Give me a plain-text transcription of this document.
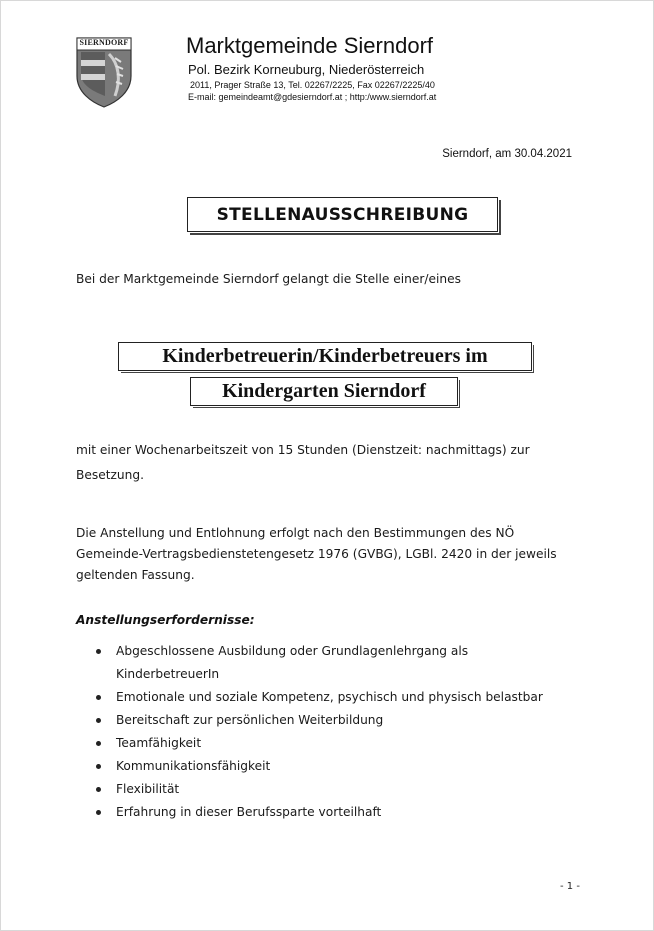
SIERNDORF	Marktgemeinde Sierndorf
Pol. Bezirk Korneuburg, Niederösterreich
2011, Prager Straße 13, Tel. 02267/2225, Fax 02267/2225/40
E-mail: gemeindeamt@gdesierndorf.at ; http:/www.sierndorf.at
Sierndorf, am 30.04.2021
STELLENAUSSCHREIBUNG
Bei der Marktgemeinde Sierndorf gelangt die Stelle einer/eines
Kinderbetreuerin/Kinderbetreuers im
Kindergarten Sierndorf
mit einer Wochenarbeitszeit von 15 Stunden (Dienstzeit: nachmittags) zur
Besetzung.
Die Anstellung und Entlohnung erfolgt nach den Bestimmungen des NÖ
Gemeinde-Vertragsbedienstetengesetz 1976 (GVBG), LGBl. 2420 in der jeweils
geltenden Fassung.
Anstellungserfordernisse:
Abgeschlossene Ausbildung oder Grundlagenlehrgang als
KinderbetreuerIn
Emotionale und soziale Kompetenz, psychisch und physisch belastbar
Bereitschaft zur persönlichen Weiterbildung
Teamfähigkeit
Kommunikationsfähigkeit
Flexibilität
Erfahrung in dieser Berufssparte vorteilhaft
- 1 -
